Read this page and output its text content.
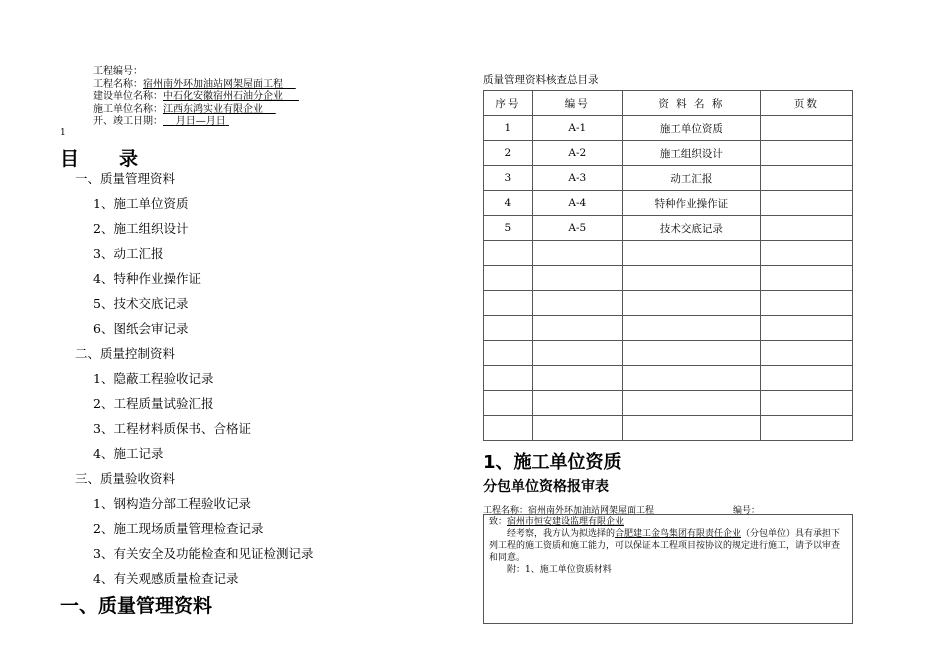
工程编号：
工程名称：宿州南外环加油站网架屋面工程
建设单位名称：中石化安徽宿州石油分企业
施工单位名称：江西东鸿实业有限企业
开、竣工日期： 月日—月日
1
目 录
一、质量管理资料
1、施工单位资质
2、施工组织设计
3、动工汇报
4、特种作业操作证
5、技术交底记录
6、图纸会审记录
二、质量控制资料
1、隐蔽工程验收记录
2、工程质量试验汇报
3、工程材料质保书、合格证
4、施工记录
三、质量验收资料
1、钢构造分部工程验收记录
2、施工现场质量管理检查记录
3、有关安全及功能检查和见证检测记录
4、有关观感质量检查记录
一、质量管理资料
质量管理资料核查总目录
序号	编号	资 料 名 称	页数
1	A-1	施工单位资质	
2	A-2	施工组织设计	
3	A-3	动工汇报	
4	A-4	特种作业操作证	
5	A-5	技术交底记录	

1、施工单位资质
分包单位资格报审表
工程名称：宿州南外环加油站网架屋面工程	编号：

致：宿州市恒安建设监理有限企业

经考察，我方认为拟选择的合肥建工金鸟集团有限责任企业（分包单位）具有承担下列工程的施工资质和施工能力，可以保证本工程项目按协议的规定进行施工，请予以审查和同意。

附：1、施工单位资质材料
